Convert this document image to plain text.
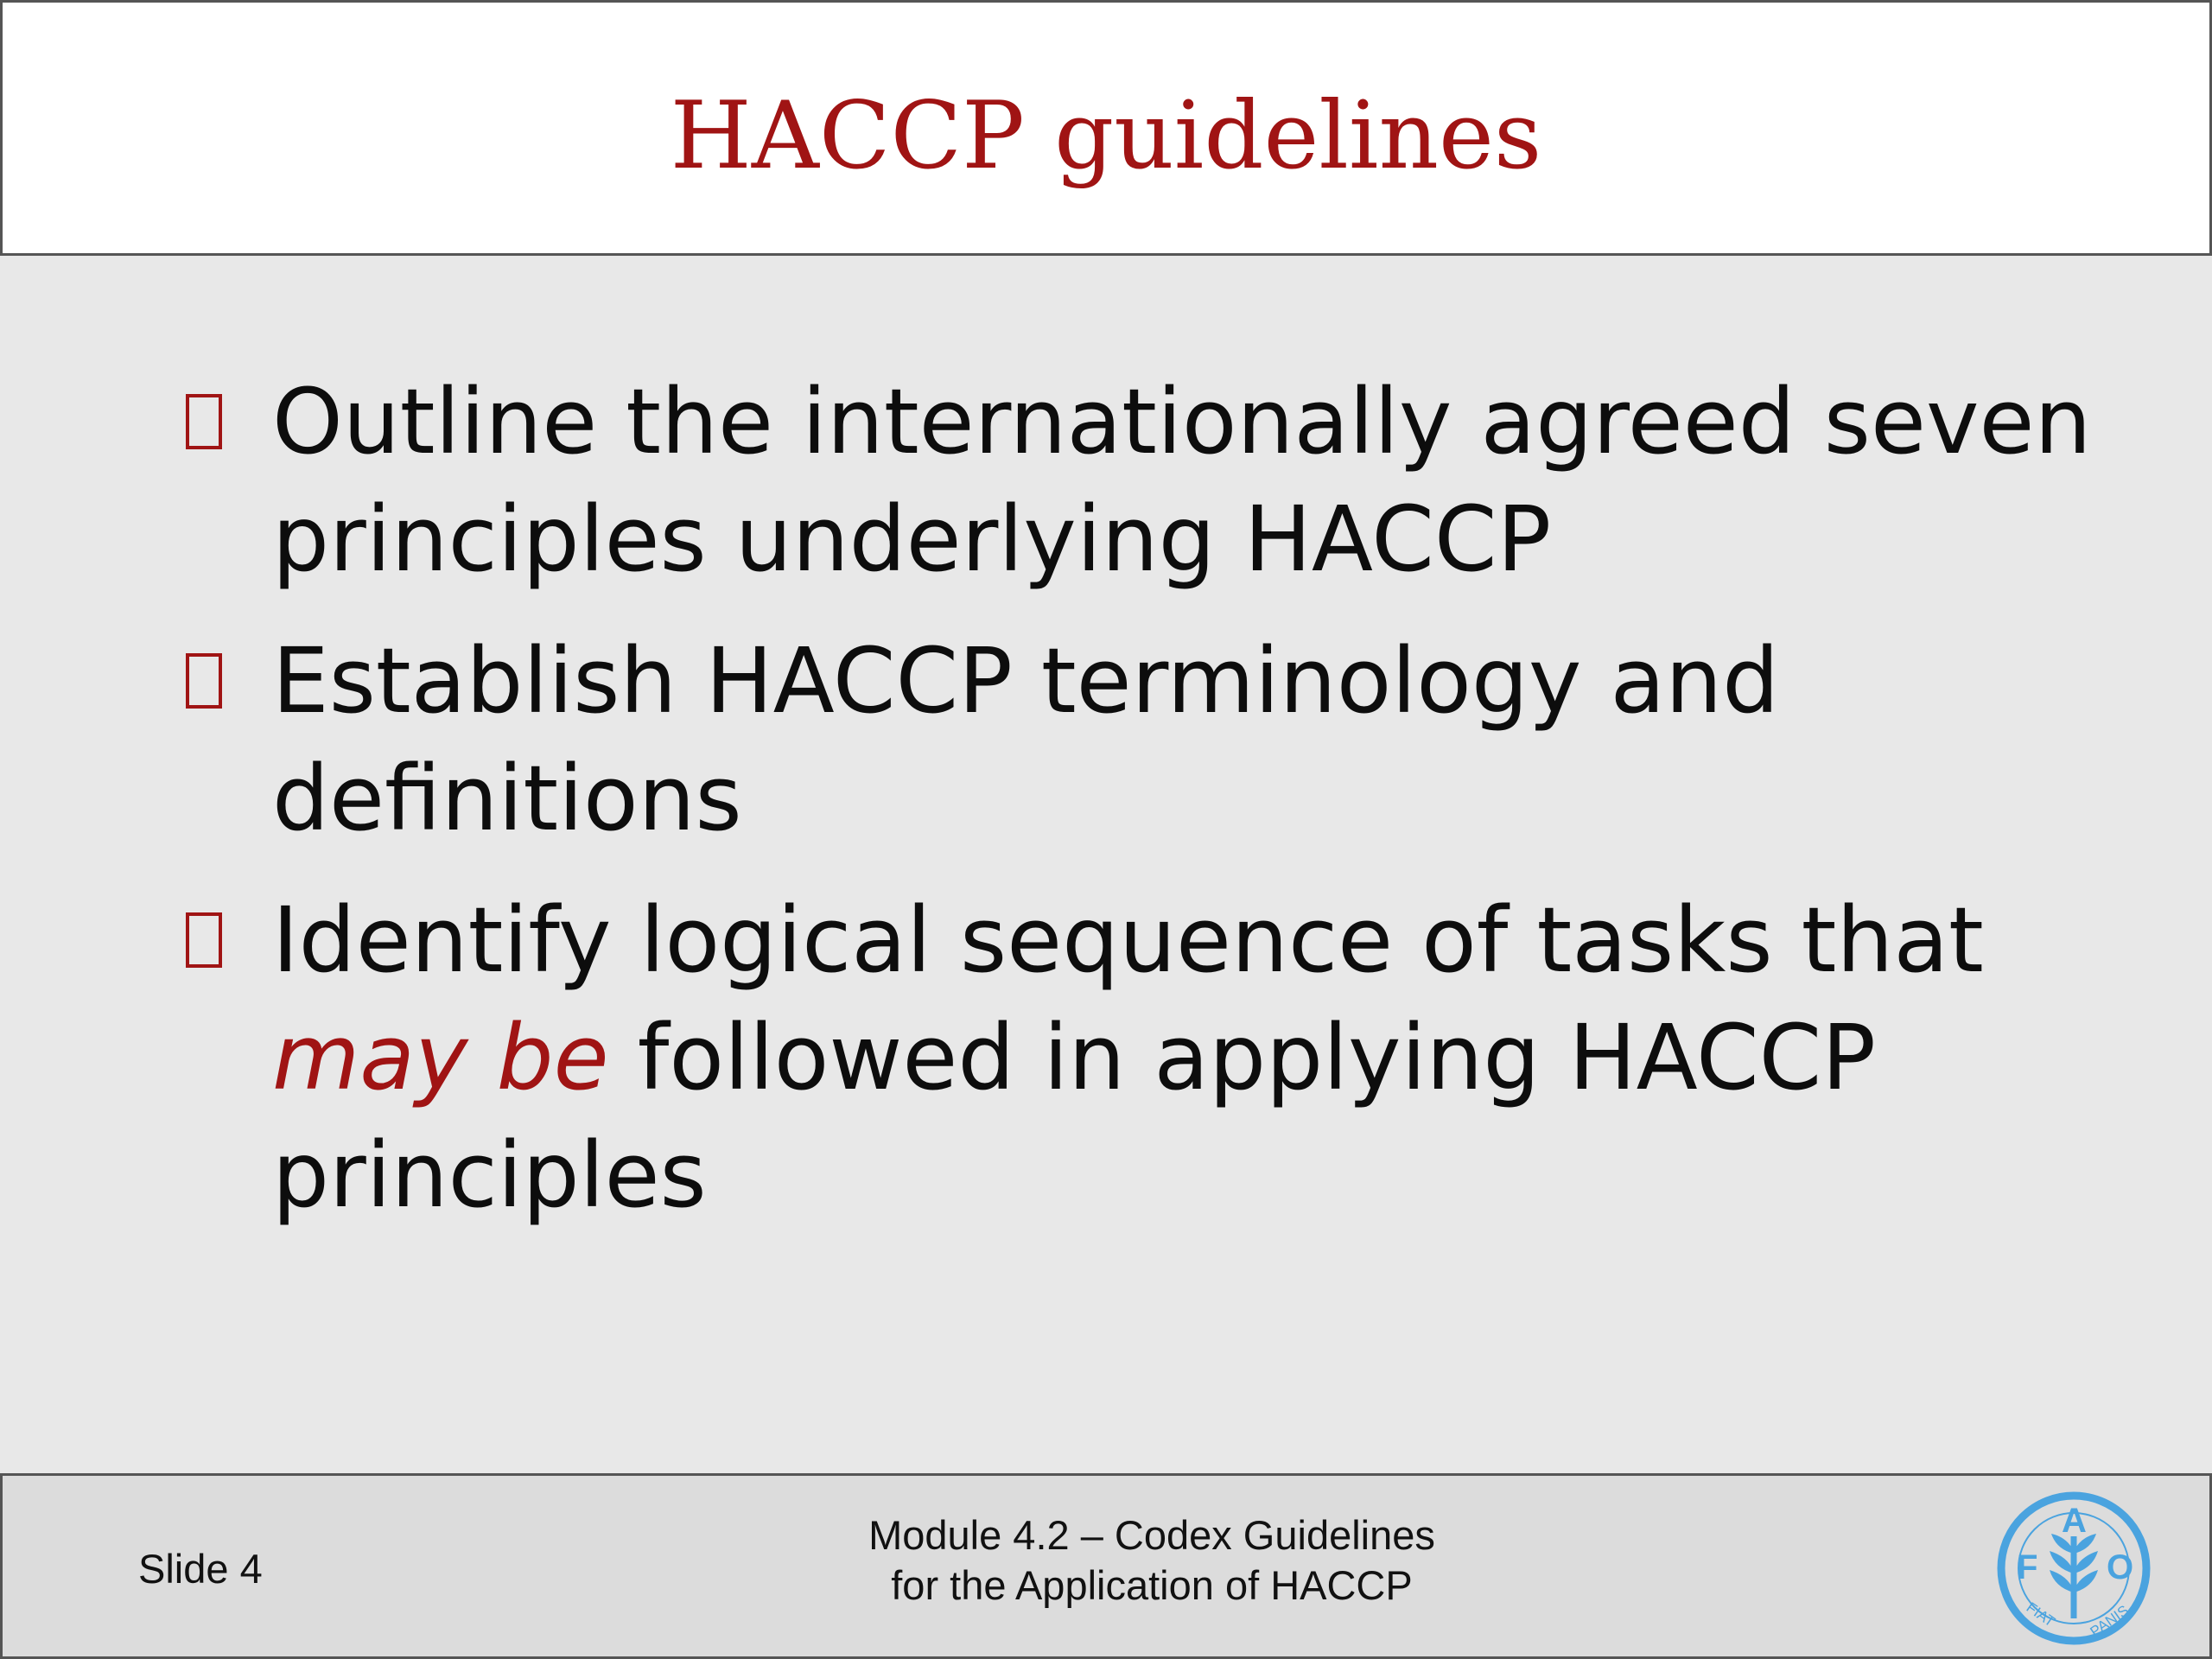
HACCP guidelines
Outline the internationally agreed seven principles underlying HACCP
Establish HACCP terminology and definitions
Identify logical sequence of tasks that may be followed in applying HACCP principles
Slide 4
Module 4.2 – Codex Guidelines
for the Application of HACCP	F
A
O
FIAT PANIS
